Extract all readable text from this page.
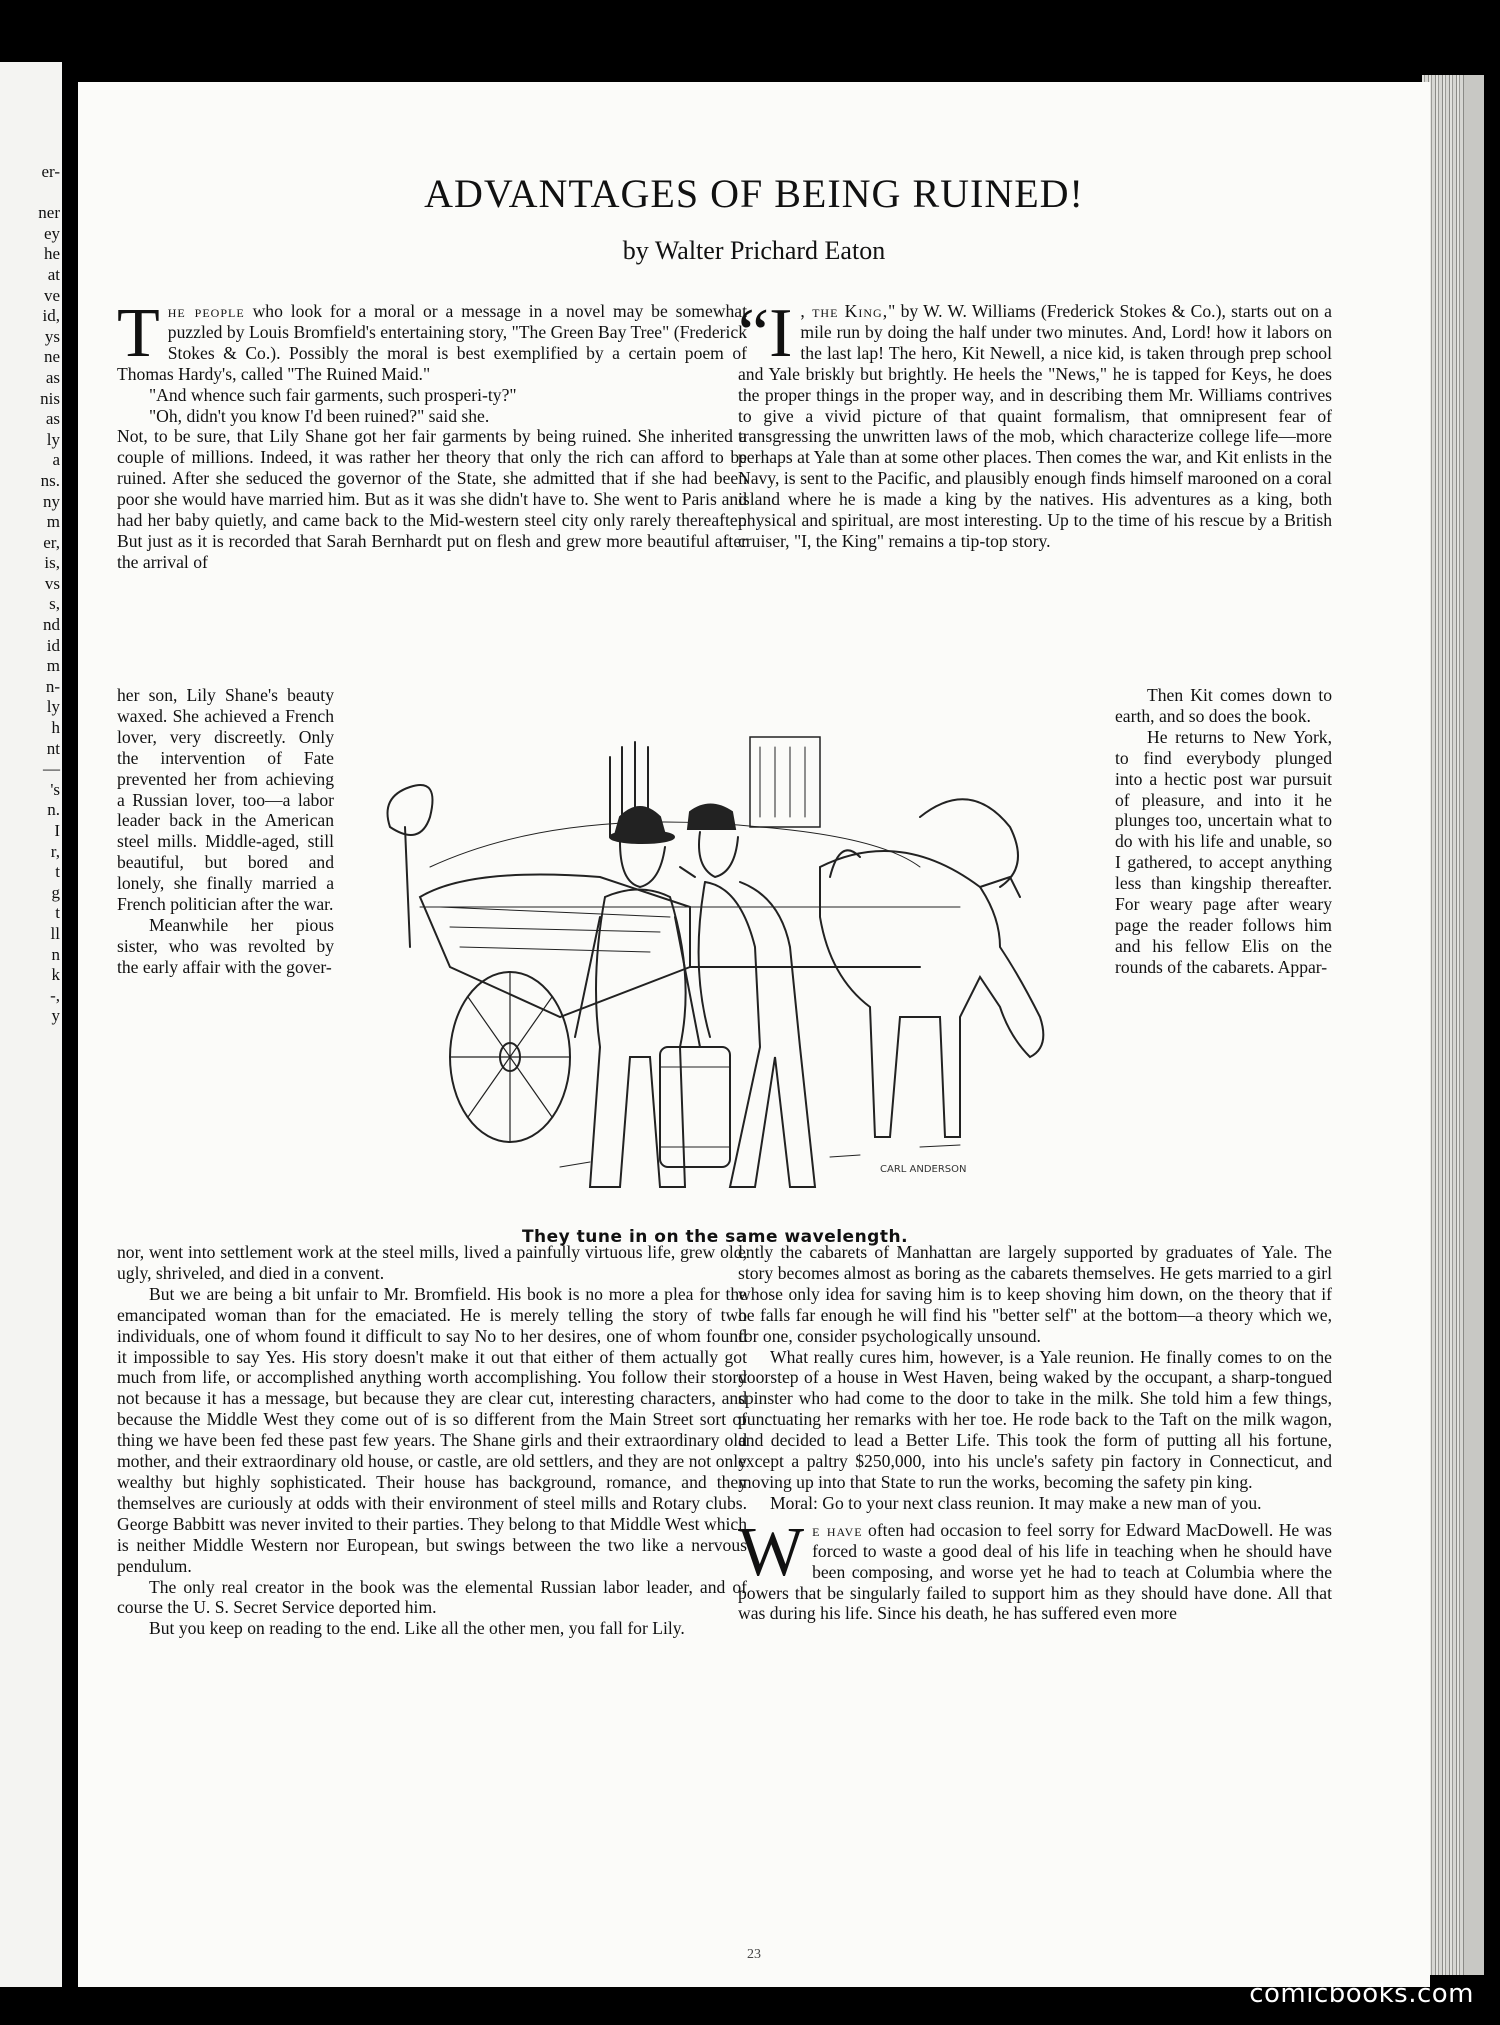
er-
ner
ey
he
at
ve
id,
ys
ne
as
nis
as
ly
a
ns.
ny
m
er,
is,
vs
s,
nd
id
m
n-
ly
h
nt
—
's
n.
I
r,
t
g
t
ll
n
k
-,
y
ADVANTAGES OF BEING RUINED!
by Walter Prichard Eaton

The people who look for a moral or a message in a novel may be somewhat puzzled by Louis Bromfield's entertaining story, "The Green Bay Tree" (Frederick Stokes & Co.). Possibly the moral is best exemplified by a certain poem of Thomas Hardy's, called "The Ruined Maid."

"And whence such fair garments, such prosperi-ty?"

"Oh, didn't you know I'd been ruined?" said she.

Not, to be sure, that Lily Shane got her fair garments by being ruined. She inherited a couple of millions. Indeed, it was rather her theory that only the rich can afford to be ruined. After she seduced the governor of the State, she admitted that if she had been poor she would have married him. But as it was she didn't have to. She went to Paris and had her baby quietly, and came back to the Mid-western steel city only rarely thereafter. But just as it is recorded that Sarah Bernhardt put on flesh and grew more beautiful after the arrival of

her son, Lily Shane's beauty waxed. She achieved a French lover, very discreetly. Only the intervention of Fate prevented her from achieving a Russian lover, too—a labor leader back in the American steel mills. Middle-aged, still beautiful, but bored and lonely, she finally married a French politician after the war.

Meanwhile her pious sister, who was revolted by the early affair with the gover-

nor, went into settlement work at the steel mills, lived a painfully virtuous life, grew old, ugly, shriveled, and died in a convent.

But we are being a bit unfair to Mr. Bromfield. His book is no more a plea for the emancipated woman than for the emaciated. He is merely telling the story of two individuals, one of whom found it difficult to say No to her desires, one of whom found it impossible to say Yes. His story doesn't make it out that either of them actually got much from life, or accomplished anything worth accomplishing. You follow their story not because it has a message, but because they are clear cut, interesting characters, and because the Middle West they come out of is so different from the Main Street sort of thing we have been fed these past few years. The Shane girls and their extraordinary old mother, and their extraordinary old house, or castle, are old settlers, and they are not only wealthy but highly sophisticated. Their house has background, romance, and they themselves are curiously at odds with their environment of steel mills and Rotary clubs. George Babbitt was never invited to their parties. They belong to that Middle West which is neither Middle Western nor European, but swings between the two like a nervous pendulum.

The only real creator in the book was the elemental Russian labor leader, and of course the U. S. Secret Service deported him.

But you keep on reading to the end. Like all the other men, you fall for Lily.

“I , the King," by W. W. Williams (Frederick Stokes & Co.), starts out on a mile run by doing the half under two minutes. And, Lord! how it labors on the last lap! The hero, Kit Newell, a nice kid, is taken through prep school and Yale briskly but brightly. He heels the "News," he is tapped for Keys, he does the proper things in the proper way, and in describing them Mr. Williams contrives to give a vivid picture of that quaint formalism, that omnipresent fear of transgressing the unwritten laws of the mob, which characterize college life—more perhaps at Yale than at some other places. Then comes the war, and Kit enlists in the Navy, is sent to the Pacific, and plausibly enough finds himself marooned on a coral island where he is made a king by the natives. His adventures as a king, both physical and spiritual, are most interesting. Up to the time of his rescue by a British cruiser, "I, the King" remains a tip-top story.

Then Kit comes down to earth, and so does the book.

He returns to New York, to find everybody plunged into a hectic post war pursuit of pleasure, and into it he plunges too, uncertain what to do with his life and unable, so I gathered, to accept anything less than kingship thereafter. For weary page after weary page the reader follows him and his fellow Elis on the rounds of the cabarets. Appar-

ently the cabarets of Manhattan are largely supported by graduates of Yale. The story becomes almost as boring as the cabarets themselves. He gets married to a girl whose only idea for saving him is to keep shoving him down, on the theory that if he falls far enough he will find his "better self" at the bottom—a theory which we, for one, consider psychologically unsound.

What really cures him, however, is a Yale reunion. He finally comes to on the doorstep of a house in West Haven, being waked by the occupant, a sharp-tongued spinster who had come to the door to take in the milk. She told him a few things, punctuating her remarks with her toe. He rode back to the Taft on the milk wagon, and decided to lead a Better Life. This took the form of putting all his fortune, except a paltry $250,000, into his uncle's safety pin factory in Connecticut, and moving up into that State to run the works, becoming the safety pin king.

Moral: Go to your next class reunion. It may make a new man of you.

We have often had occasion to feel sorry for Edward MacDowell. He was forced to waste a good deal of his life in teaching when he should have been composing, and worse yet he had to teach at Columbia where the powers that be singularly failed to support him as they should have done. All that was during his life. Since his death, he has suffered even more

CARL ANDERSON
They tune in on the same wavelength.
23
comicbooks.com
